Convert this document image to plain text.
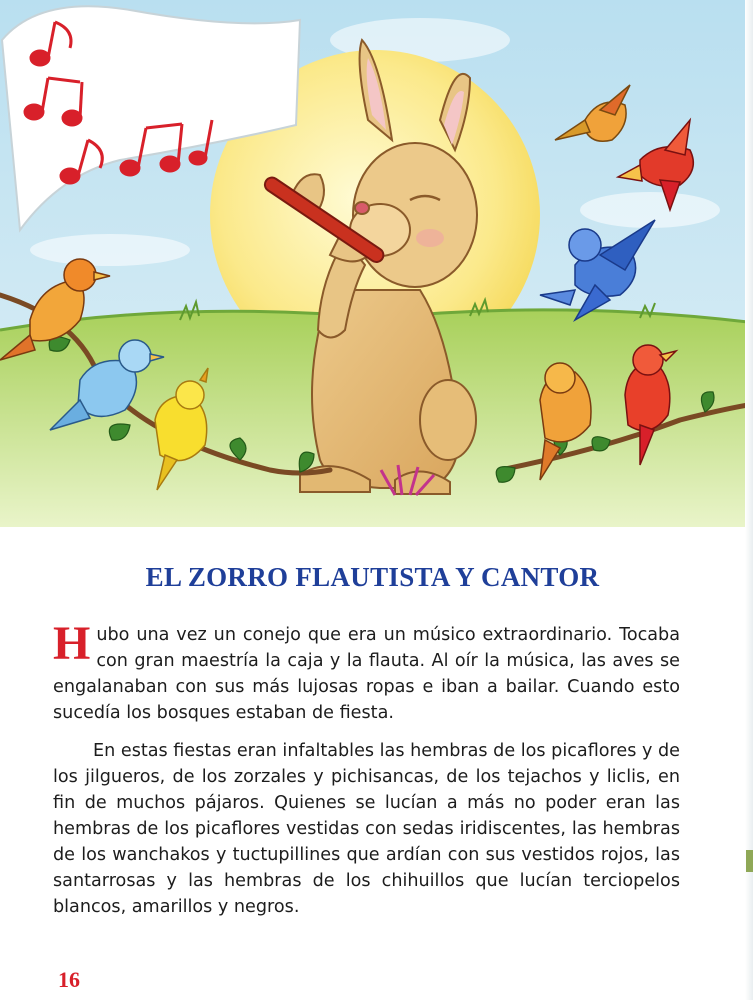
EL ZORRO FLAUTISTA Y CANTOR

Hubo una vez un conejo que era un músico extraordinario. Tocaba con gran maestría la caja y la flauta. Al oír la música, las aves se engalanaban con sus más lujosas ropas e iban a bailar. Cuando esto sucedía los bosques estaban de fiesta.

En estas fiestas eran infaltables las hembras de los picaflores y de los jilgueros, de los zorzales y pichisancas, de los tejachos y liclis, en fin de muchos pájaros. Quienes se lucían a más no poder eran las hembras de los picaflores vestidas con sedas iridiscentes, las hembras de los wanchakos y tuctupillines que ardían con sus vestidos rojos, las santarrosas y las hembras de los chihuillos que lucían terciopelos blancos, amarillos y negros.

16
